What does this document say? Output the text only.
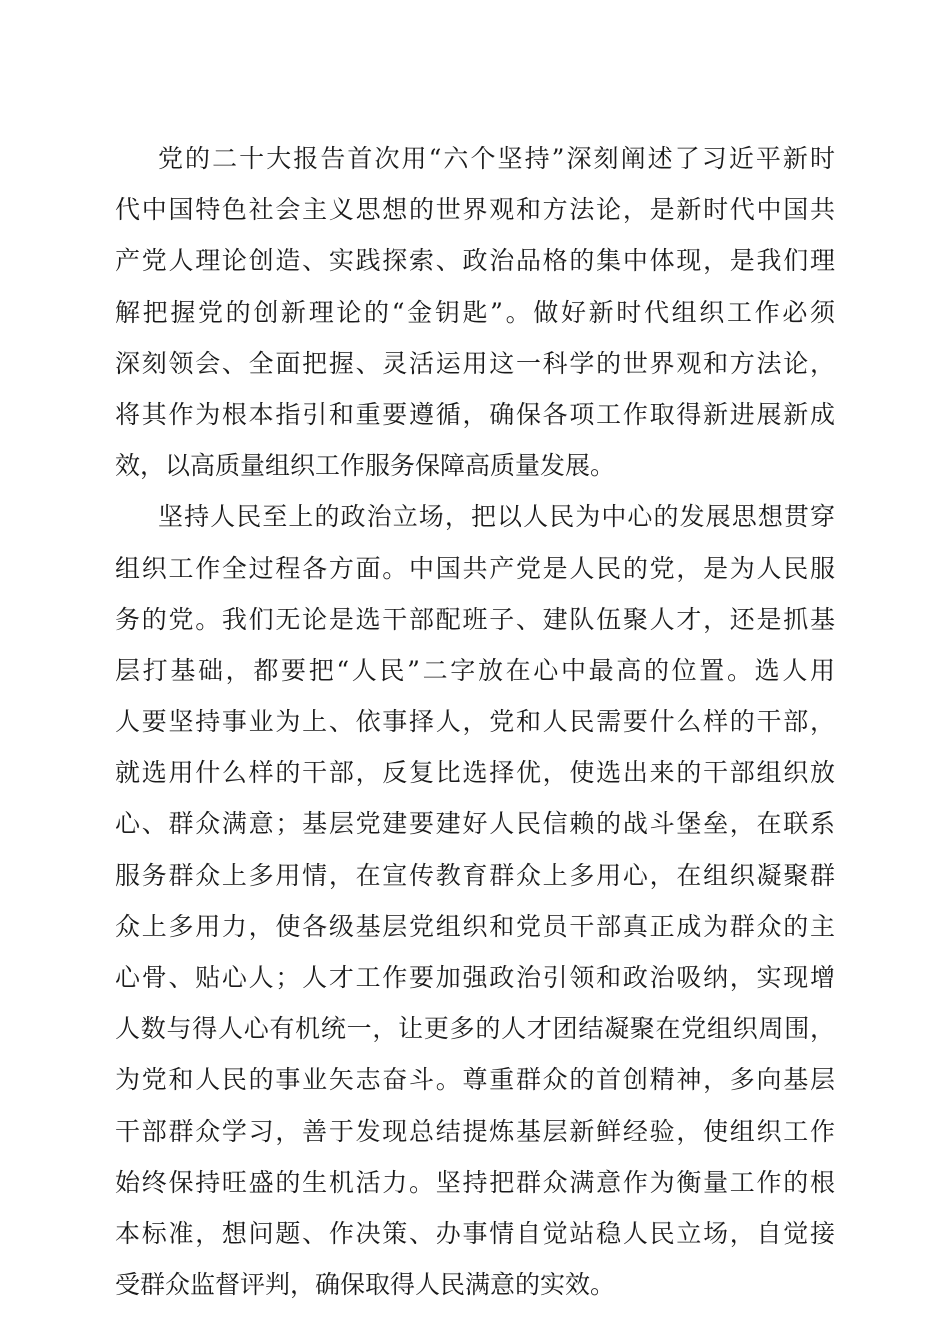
党的二十大报告首次用“六个坚持”深刻阐述了习近平新时
代中国特色社会主义思想的世界观和方法论，是新时代中国共
产党人理论创造、实践探索、政治品格的集中体现，是我们理
解把握党的创新理论的“金钥匙”。做好新时代组织工作必须
深刻领会、全面把握、灵活运用这一科学的世界观和方法论，
将其作为根本指引和重要遵循，确保各项工作取得新进展新成
效，以高质量组织工作服务保障高质量发展。
坚持人民至上的政治立场，把以人民为中心的发展思想贯穿
组织工作全过程各方面。中国共产党是人民的党，是为人民服
务的党。我们无论是选干部配班子、建队伍聚人才，还是抓基
层打基础，都要把“人民”二字放在心中最高的位置。选人用
人要坚持事业为上、依事择人，党和人民需要什么样的干部，
就选用什么样的干部，反复比选择优，使选出来的干部组织放
心、群众满意；基层党建要建好人民信赖的战斗堡垒，在联系
服务群众上多用情，在宣传教育群众上多用心，在组织凝聚群
众上多用力，使各级基层党组织和党员干部真正成为群众的主
心骨、贴心人；人才工作要加强政治引领和政治吸纳，实现增
人数与得人心有机统一，让更多的人才团结凝聚在党组织周围，
为党和人民的事业矢志奋斗。尊重群众的首创精神，多向基层
干部群众学习，善于发现总结提炼基层新鲜经验，使组织工作
始终保持旺盛的生机活力。坚持把群众满意作为衡量工作的根
本标准，想问题、作决策、办事情自觉站稳人民立场，自觉接
受群众监督评判，确保取得人民满意的实效。
